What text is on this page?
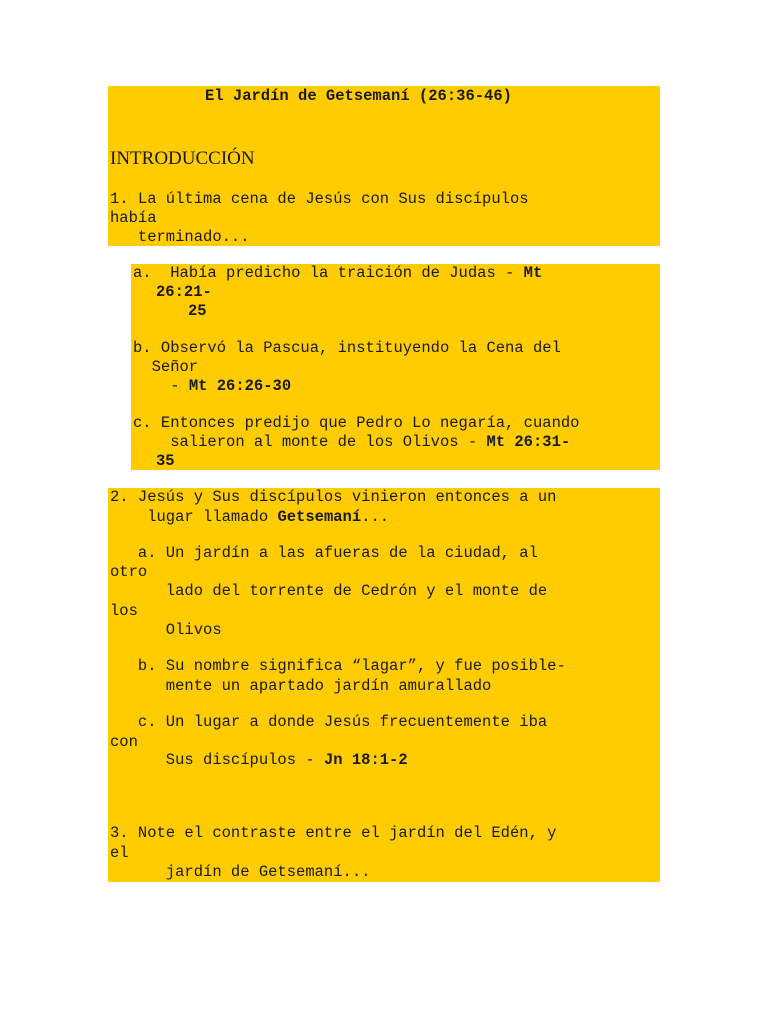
El Jardín de Getsemaní (26:36-46)
INTRODUCCIÓN
1. La última cena de Jesús con Sus discípulos
había
terminado...
a.  Había predicho la traición de Judas - Mt
26:21-
25
b. Observó la Pascua, instituyendo la Cena del
Señor
- Mt 26:26-30
c. Entonces predijo que Pedro Lo negaría, cuando
salieron al monte de los Olivos - Mt 26:31-
35
2. Jesús y Sus discípulos vinieron entonces a un
lugar llamado Getsemaní...
a. Un jardín a las afueras de la ciudad, al
otro
lado del torrente de Cedrón y el monte de
los
Olivos
b. Su nombre significa “lagar”, y fue posible-
mente un apartado jardín amurallado
c. Un lugar a donde Jesús frecuentemente iba
con
Sus discípulos - Jn 18:1-2
3. Note el contraste entre el jardín del Edén, y
el
jardín de Getsemaní...
